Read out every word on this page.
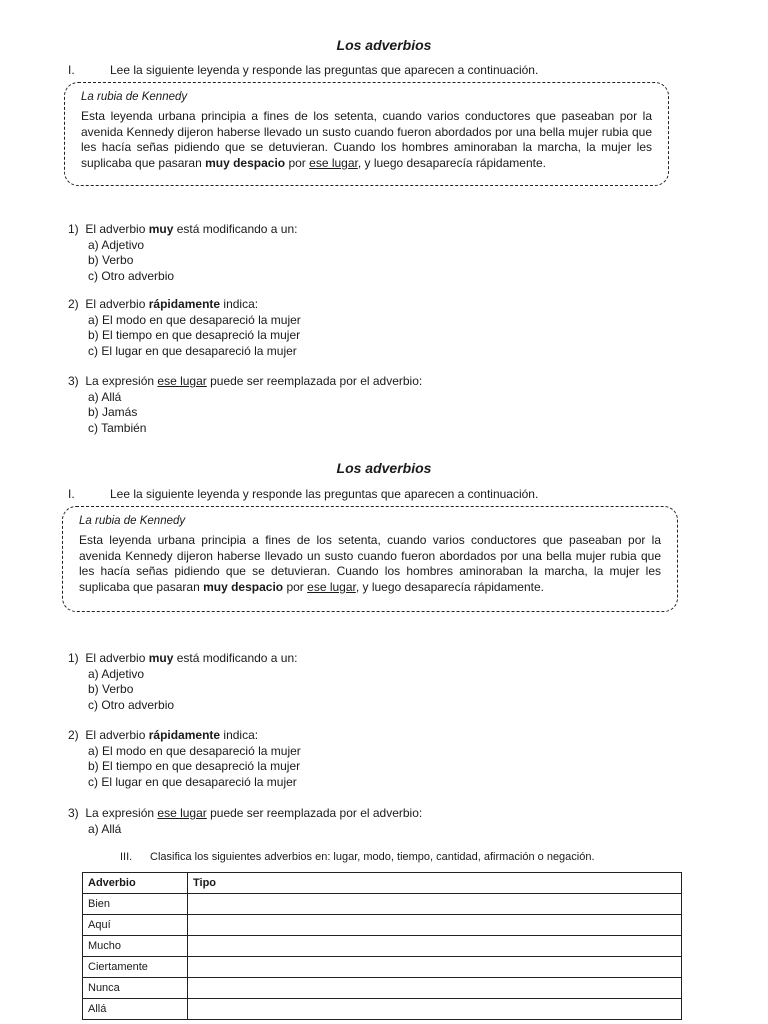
Los adverbios
I.	Lee la siguiente leyenda y responde las preguntas que aparecen a continuación.

La rubia de Kennedy

Esta leyenda urbana principia a fines de los setenta, cuando varios conductores que paseaban por la avenida Kennedy dijeron haberse llevado un susto cuando fueron abordados por una bella mujer rubia que les hacía señas pidiendo que se detuvieran. Cuando los hombres aminoraban la marcha, la mujer les suplicaba que pasaran muy despacio por ese lugar, y luego desaparecía rápidamente.

1) El adverbio muy está modificando a un:
a) Adjetivo
b) Verbo
c) Otro adverbio
2) El adverbio rápidamente indica:
a) El modo en que desapareció la mujer
b) El tiempo en que desapreció la mujer
c) El lugar en que desapareció la mujer
3) La expresión ese lugar puede ser reemplazada por el adverbio:
a) Allá
b) Jamás
c) También
Los adverbios
I.	Lee la siguiente leyenda y responde las preguntas que aparecen a continuación.

La rubia de Kennedy

Esta leyenda urbana principia a fines de los setenta, cuando varios conductores que paseaban por la avenida Kennedy dijeron haberse llevado un susto cuando fueron abordados por una bella mujer rubia que les hacía señas pidiendo que se detuvieran. Cuando los hombres aminoraban la marcha, la mujer les suplicaba que pasaran muy despacio por ese lugar, y luego desaparecía rápidamente.

1) El adverbio muy está modificando a un:
a) Adjetivo
b) Verbo
c) Otro adverbio
2) El adverbio rápidamente indica:
a) El modo en que desapareció la mujer
b) El tiempo en que desapreció la mujer
c) El lugar en que desapareció la mujer
3) La expresión ese lugar puede ser reemplazada por el adverbio:
a) Allá
III. Clasifica los siguientes adverbios en: lugar, modo, tiempo, cantidad, afirmación o negación.
Adverbio	Tipo
Bien	
Aquí	
Mucho	
Ciertamente	
Nunca	
Allá	
